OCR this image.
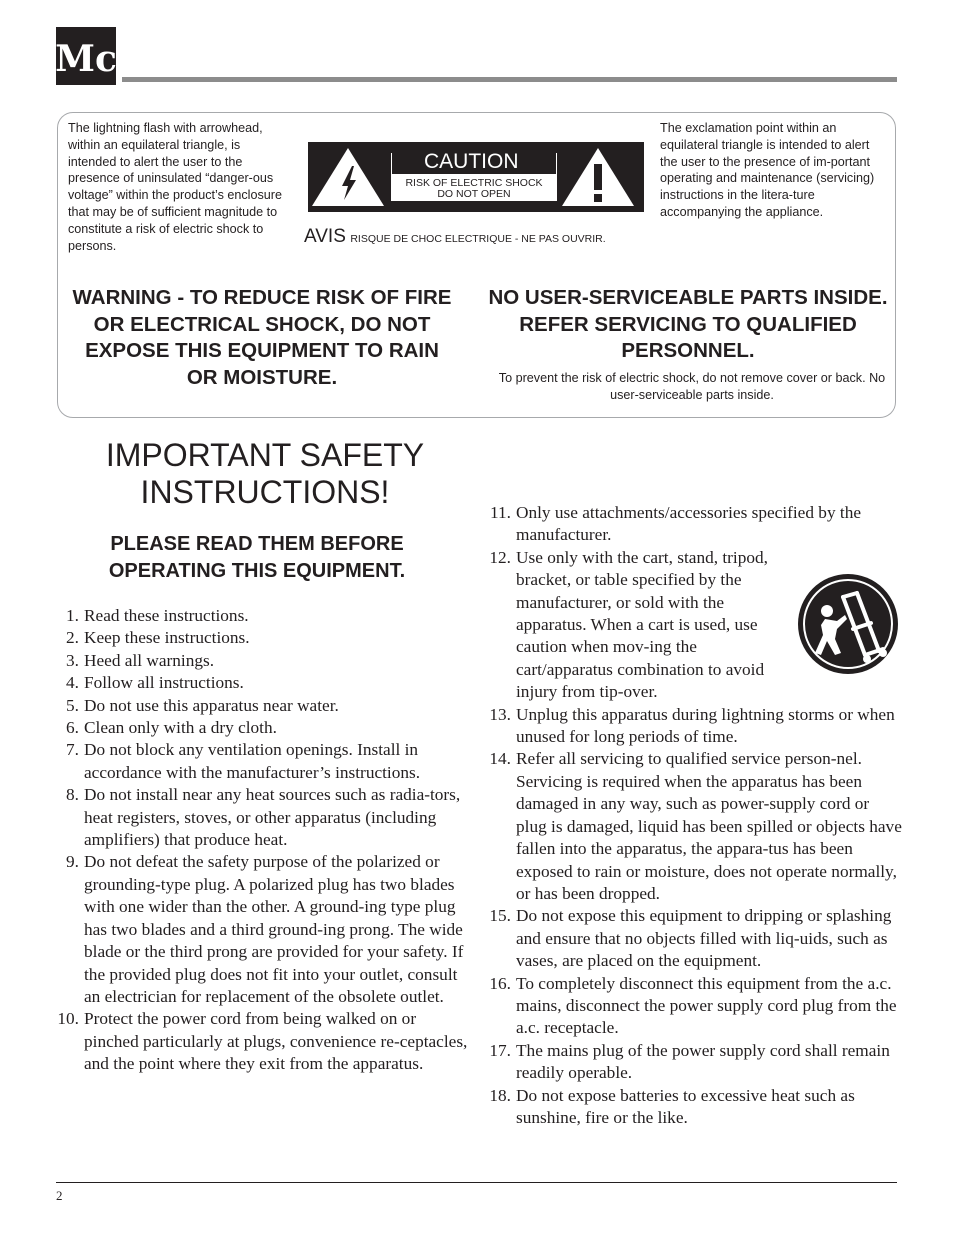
Mc
The lightning flash with arrowhead, within an equilateral triangle, is intended to alert the user to the presence of uninsulated “danger-ous voltage” within the product’s enclosure that may be of sufficient magnitude to constitute a risk of electric shock to persons.
The exclamation point within an equilateral triangle is intended to alert the user to the presence of im-portant operating and maintenance (servicing) instructions in the litera-ture accompanying the appliance.
CAUTION
RISK OF ELECTRIC SHOCK
DO NOT OPEN
AVIS RISQUE DE CHOC ELECTRIQUE - NE PAS OUVRIR.
WARNING - TO REDUCE RISK OF FIRE OR ELECTRICAL SHOCK, DO NOT EXPOSE THIS EQUIPMENT TO RAIN OR MOISTURE.
NO USER-SERVICEABLE PARTS INSIDE. REFER SERVICING TO QUALIFIED PERSONNEL.
To prevent the risk of electric shock, do not remove cover or back. No user-serviceable parts inside.
IMPORTANT SAFETY
INSTRUCTIONS!
PLEASE READ THEM BEFORE
OPERATING THIS EQUIPMENT.
1. Read these instructions.
2. Keep these instructions.
3. Heed all warnings.
4. Follow all instructions.
5. Do not use this apparatus near water.
6. Clean only with a dry cloth.
7. Do not block any ventilation openings. Install in accordance with the manufacturer’s instructions.
8. Do not install near any heat sources such as radia-tors, heat registers, stoves, or other apparatus (including amplifiers) that produce heat.
9. Do not defeat the safety purpose of the polarized or grounding-type plug. A polarized plug has two blades with one wider than the other. A ground-ing type plug has two blades and a third ground-ing prong. The wide blade or the third prong are provided for your safety. If the provided plug does not fit into your outlet, consult an electrician for replacement of the obsolete outlet.
10. Protect the power cord from being walked on or pinched particularly at plugs, convenience re-ceptacles, and the point where they exit from the apparatus.
11. Only use attachments/accessories specified by the manufacturer.
12. Use only with the cart, stand, tripod, bracket, or table specified by the manufacturer, or sold with the apparatus. When a cart is used, use caution when mov-ing the cart/apparatus combination to avoid injury from tip-over.
13. Unplug this apparatus during lightning storms or when unused for long periods of time.
14. Refer all servicing to qualified service person-nel. Servicing is required when the apparatus has been damaged in any way, such as power-supply cord or plug is damaged, liquid has been spilled or objects have fallen into the apparatus, the appara-tus has been exposed to rain or moisture, does not operate normally, or has been dropped.
15. Do not expose this equipment to dripping or splashing and ensure that no objects filled with liq-uids, such as vases, are placed on the equipment.
16. To completely disconnect this equipment from the a.c. mains, disconnect the power supply cord plug from the a.c. receptacle.
17. The mains plug of the power supply cord shall remain readily operable.
18. Do not expose batteries to excessive heat such as sunshine, fire or the like.
2
